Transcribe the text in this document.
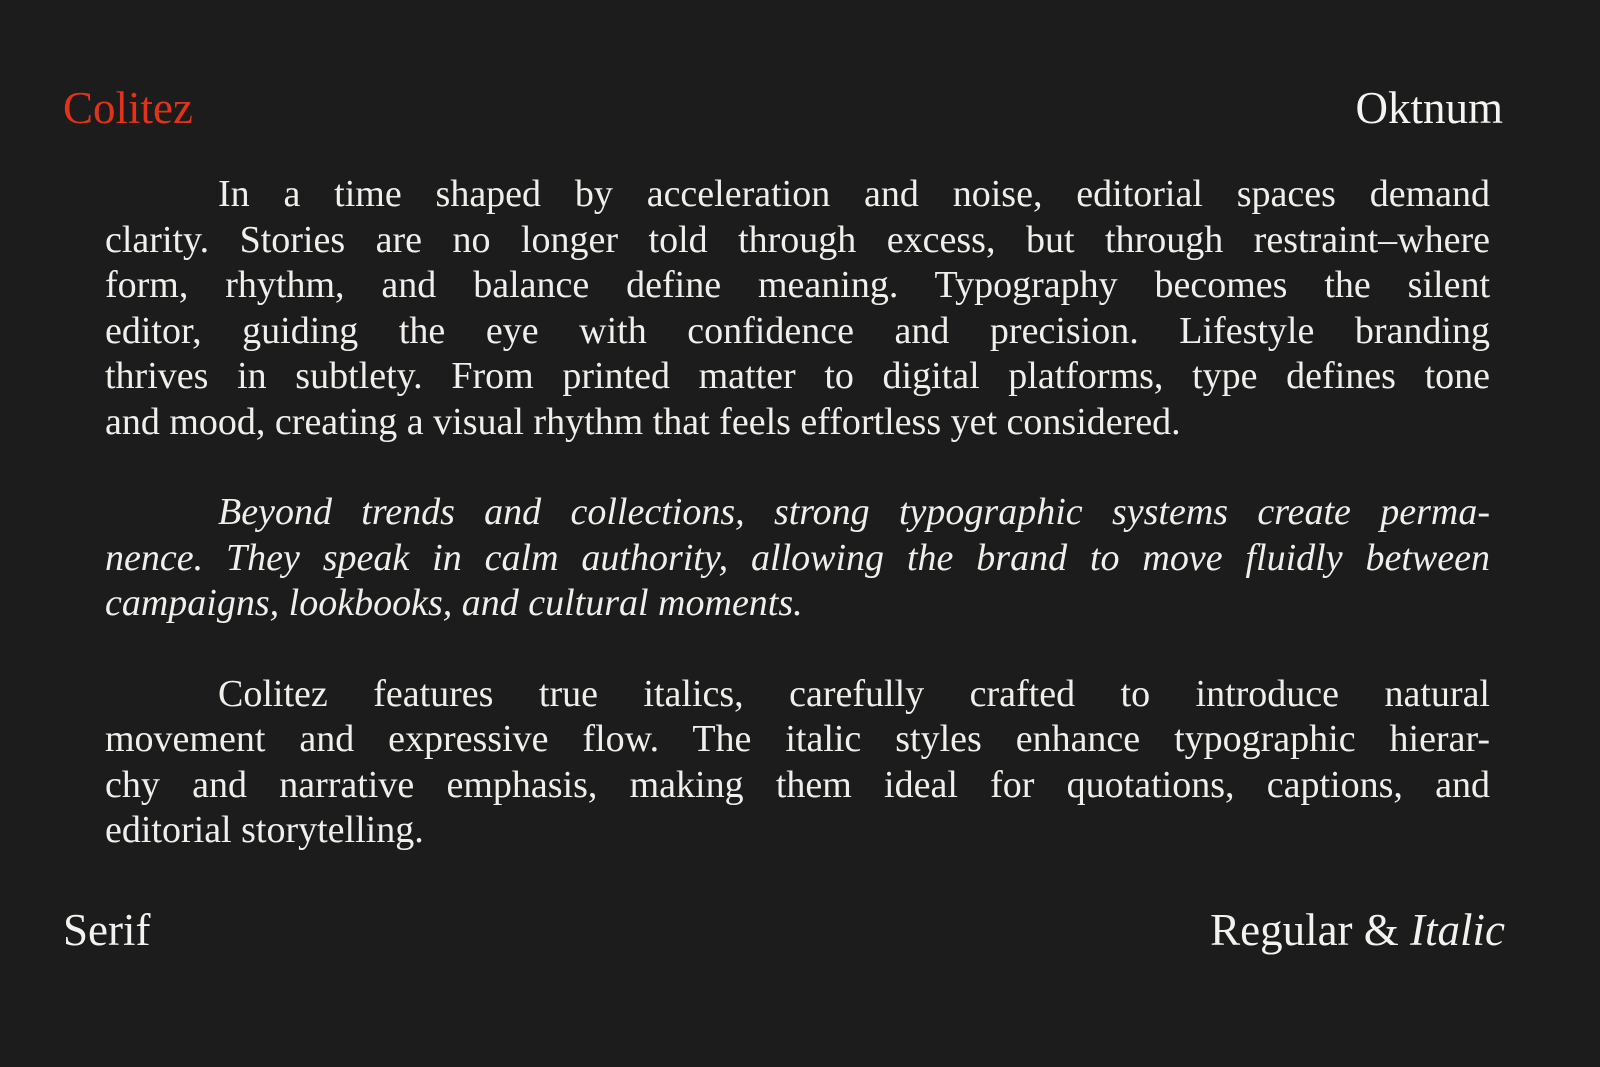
Colitez	Oktnum
In a time shaped by acceleration and noise, editorial spaces demand
clarity. Stories are no longer told through excess, but through restraint–where
form, rhythm, and balance define meaning. Typography becomes the silent
editor, guiding the eye with confidence and precision. Lifestyle branding
thrives in subtlety. From printed matter to digital platforms, type defines tone
and mood, creating a visual rhythm that feels effortless yet considered.
Beyond trends and collections, strong typographic systems create perma-
nence. They speak in calm authority, allowing the brand to move fluidly between
campaigns, lookbooks, and cultural moments.
Colitez features true italics, carefully crafted to introduce natural
movement and expressive flow. The italic styles enhance typographic hierar-
chy and narrative emphasis, making them ideal for quotations, captions, and
editorial storytelling.
Serif	Regular & Italic
